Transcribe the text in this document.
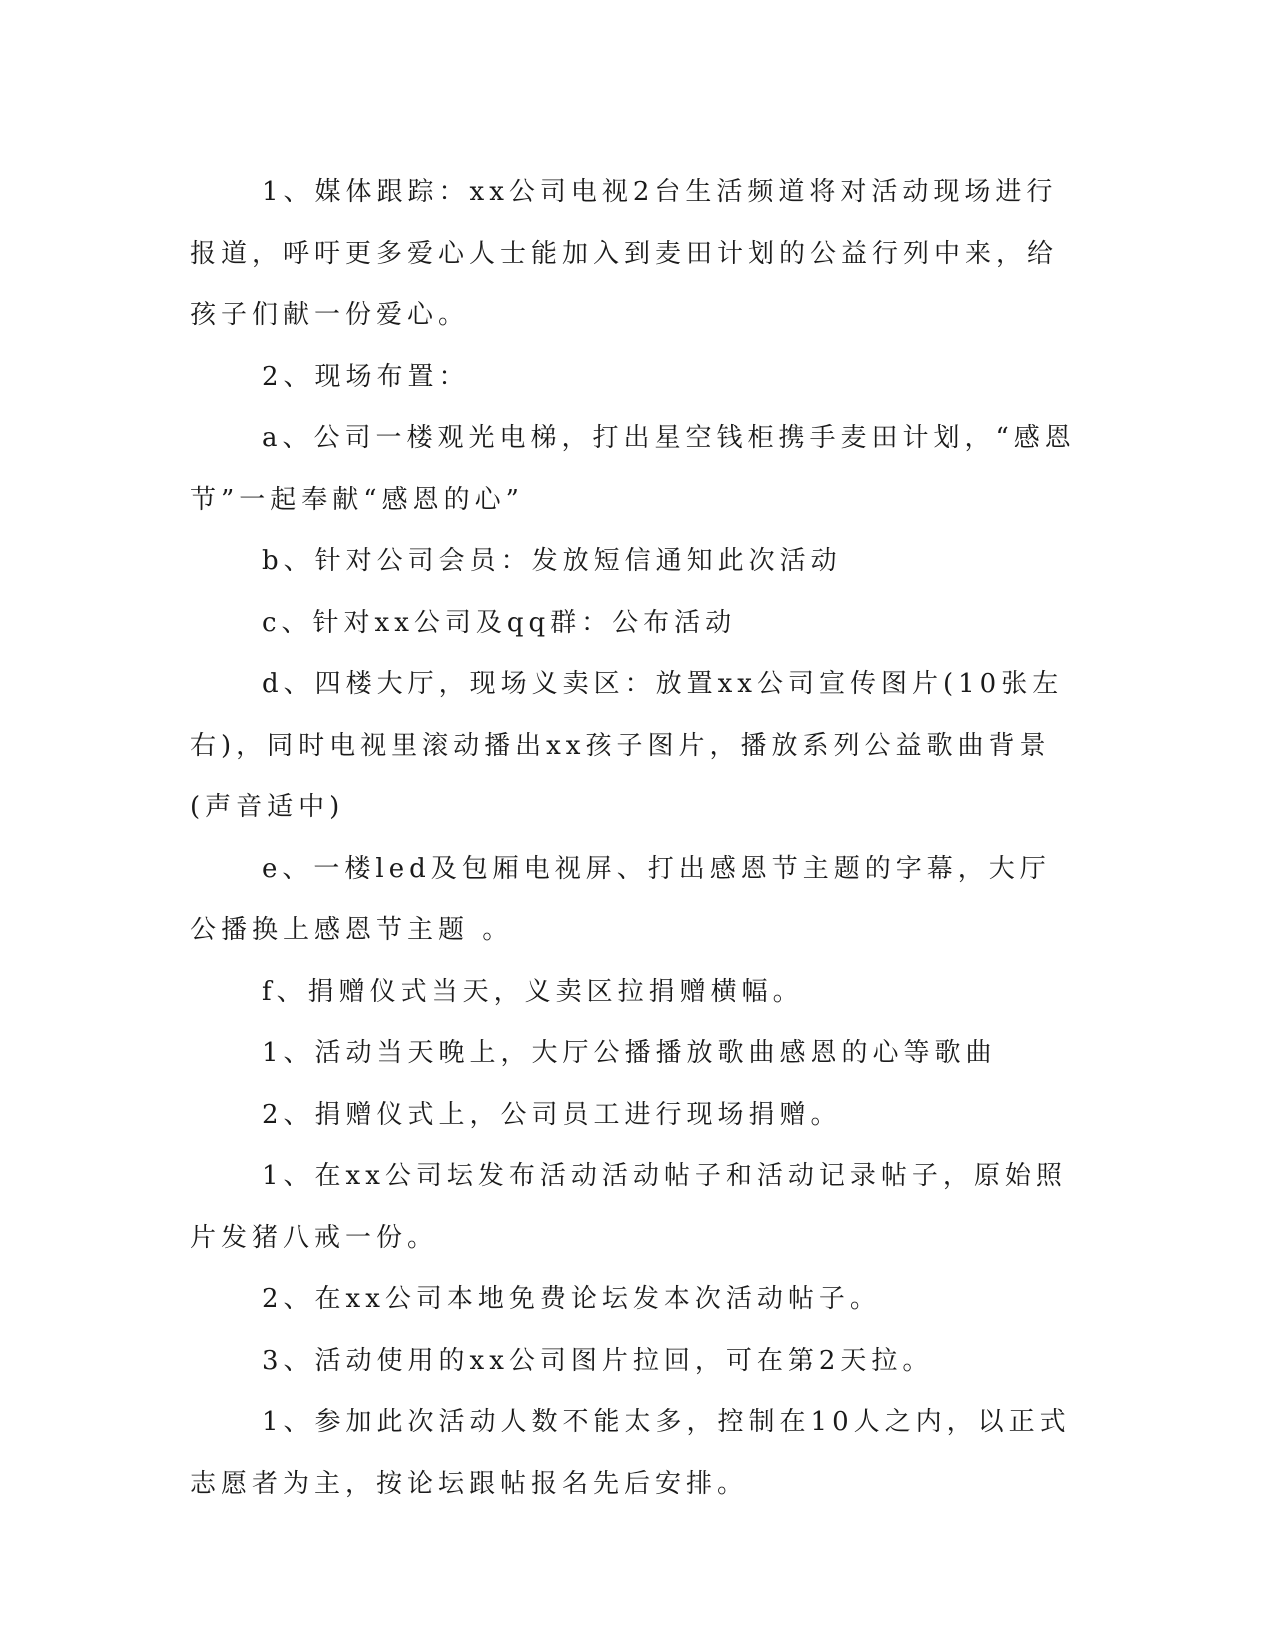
1、媒体跟踪：xx公司电视2台生活频道将对活动现场进行报道，呼吁更多爱心人士能加入到麦田计划的公益行列中来，给孩子们献一份爱心。

2、现场布置：

a、公司一楼观光电梯，打出星空钱柜携手麦田计划，“感恩节”一起奉献“感恩的心”

b、针对公司会员：发放短信通知此次活动

c、针对xx公司及qq群：公布活动

d、四楼大厅，现场义卖区：放置xx公司宣传图片(10张左右)，同时电视里滚动播出xx孩子图片，播放系列公益歌曲背景(声音适中)

e、一楼led及包厢电视屏、打出感恩节主题的字幕，大厅公播换上感恩节主题 。

f、捐赠仪式当天，义卖区拉捐赠横幅。

1、活动当天晚上，大厅公播播放歌曲感恩的心等歌曲

2、捐赠仪式上，公司员工进行现场捐赠。

1、在xx公司坛发布活动活动帖子和活动记录帖子，原始照片发猪八戒一份。

2、在xx公司本地免费论坛发本次活动帖子。

3、活动使用的xx公司图片拉回，可在第2天拉。

1、参加此次活动人数不能太多，控制在10人之内，以正式志愿者为主，按论坛跟帖报名先后安排。
